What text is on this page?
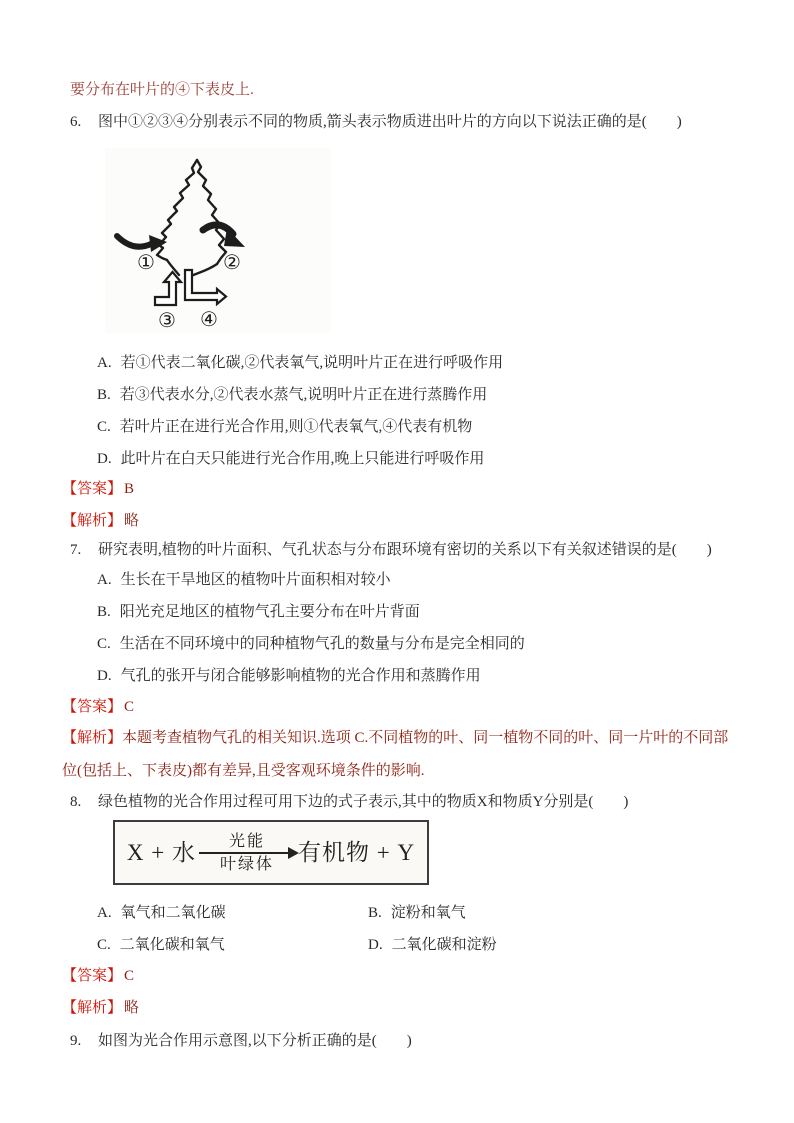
要分布在叶片的④下表皮上.
6. 图中①②③④分别表示不同的物质,箭头表示物质进出叶片的方向以下说法正确的是(　　)
①	②
③ ④
A. 若①代表二氧化碳,②代表氧气,说明叶片正在进行呼吸作用
B. 若③代表水分,②代表水蒸气,说明叶片正在进行蒸腾作用
C. 若叶片正在进行光合作用,则①代表氧气,④代表有机物
D. 此叶片在白天只能进行光合作用,晚上只能进行呼吸作用
【答案】 B
【解析】 略
7. 研究表明,植物的叶片面积、气孔状态与分布跟环境有密切的关系以下有关叙述错误的是(　　)
A. 生长在干旱地区的植物叶片面积相对较小
B. 阳光充足地区的植物气孔主要分布在叶片背面
C. 生活在不同环境中的同种植物气孔的数量与分布是完全相同的
D. 气孔的张开与闭合能够影响植物的光合作用和蒸腾作用
【答案】 C
【解析】本题考查植物气孔的相关知识.选项 C.不同植物的叶、同一植物不同的叶、同一片叶的不同部位(包括上、下表皮)都有差异,且受客观环境条件的影响.
8. 绿色植物的光合作用过程可用下边的式子表示,其中的物质X和物质Y分别是(　　)
X + 水 光能
叶绿体 有机物 + Y
A. 氧气和二氧化碳	B. 淀粉和氧气
C. 二氧化碳和氧气	D. 二氧化碳和淀粉
【答案】 C
【解析】 略
9. 如图为光合作用示意图,以下分析正确的是(　　)
